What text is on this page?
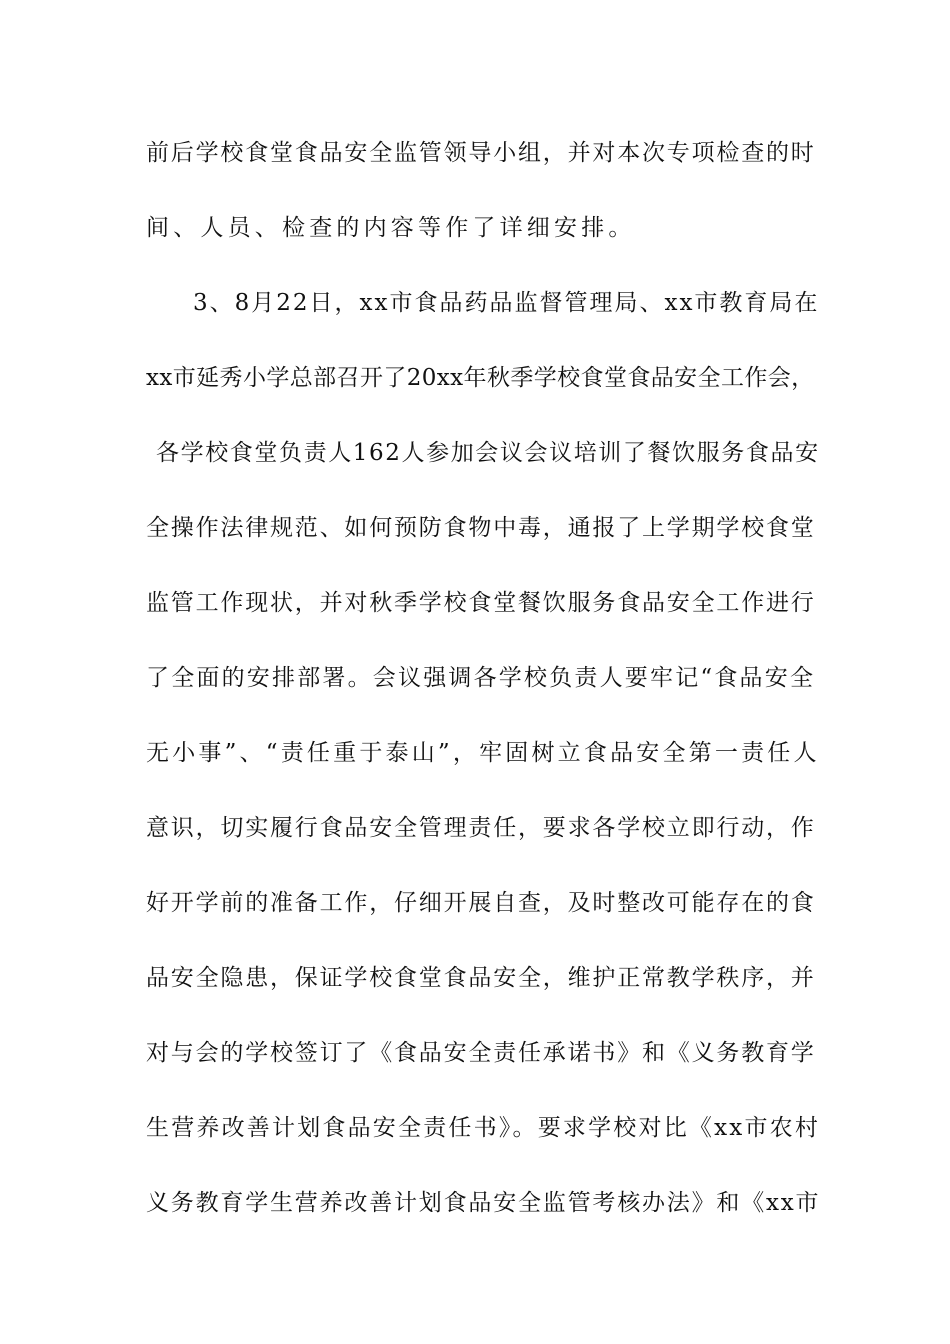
前后学校食堂食品安全监管领导小组，并对本次专项检查的时
间、人员、检查的内容等作了详细安排。
3、8月22日，xx市食品药品监督管理局、xx市教育局在
xx市延秀小学总部召开了20xx年秋季学校食堂食品安全工作会，
各学校食堂负责人162人参加会议会议培训了餐饮服务食品安
全操作法律规范、如何预防食物中毒，通报了上学期学校食堂
监管工作现状，并对秋季学校食堂餐饮服务食品安全工作进行
了全面的安排部署。会议强调各学校负责人要牢记“食品安全
无小事”、“责任重于泰山”，牢固树立食品安全第一责任人
意识，切实履行食品安全管理责任，要求各学校立即行动，作
好开学前的准备工作，仔细开展自查，及时整改可能存在的食
品安全隐患，保证学校食堂食品安全，维护正常教学秩序，并
对与会的学校签订了《食品安全责任承诺书》和《义务教育学
生营养改善计划食品安全责任书》。要求学校对比《xx市农村
义务教育学生营养改善计划食品安全监管考核办法》和《xx市
